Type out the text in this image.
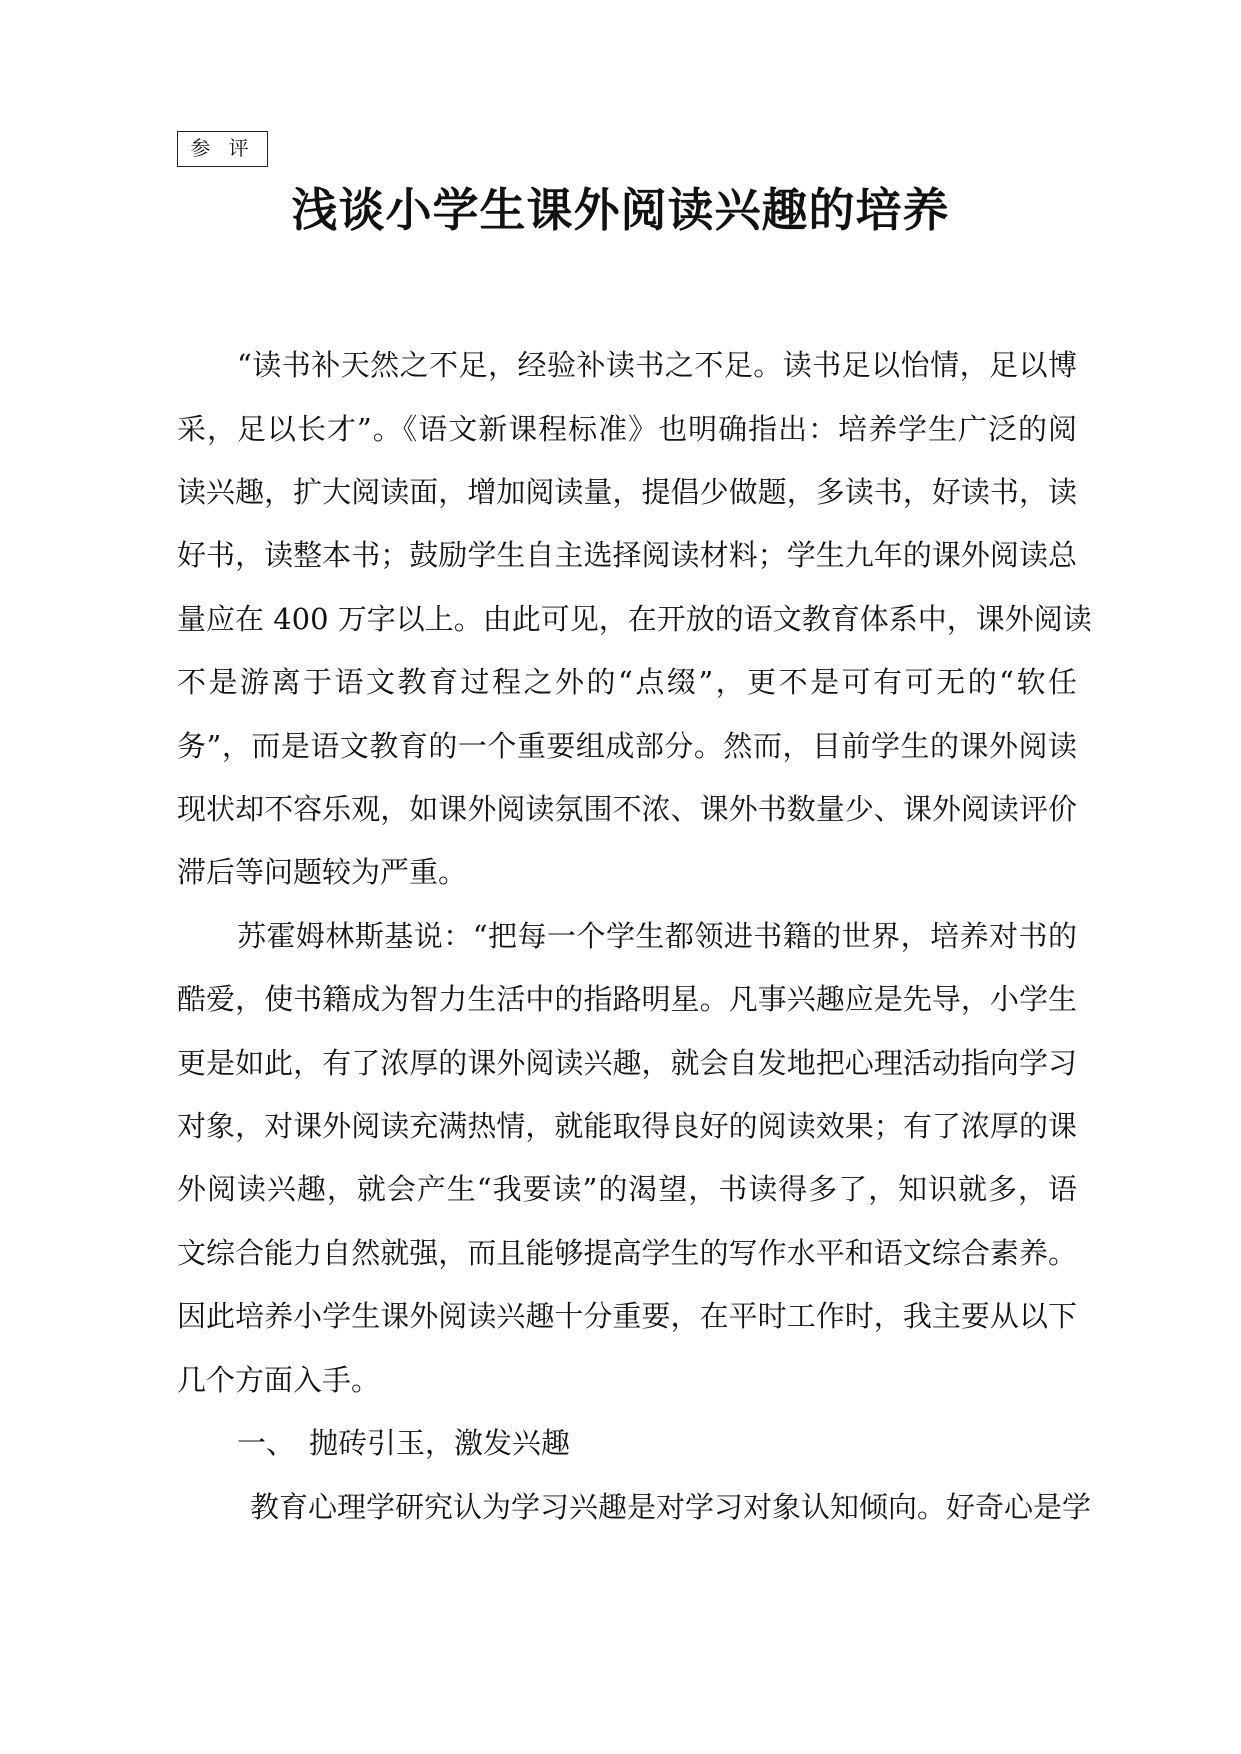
参 评
浅谈小学生课外阅读兴趣的培养
“读书补天然之不足，经验补读书之不足。读书足以怡情，足以博
采，足以长才”。《语文新课程标准》也明确指出：培养学生广泛的阅
读兴趣，扩大阅读面，增加阅读量，提倡少做题，多读书，好读书，读
好书，读整本书；鼓励学生自主选择阅读材料；学生九年的课外阅读总
量应在 400 万字以上。由此可见，在开放的语文教育体系中，课外阅读
不是游离于语文教育过程之外的“点缀”，更不是可有可无的“软任
务”，而是语文教育的一个重要组成部分。然而，目前学生的课外阅读
现状却不容乐观，如课外阅读氛围不浓、课外书数量少、课外阅读评价
滞后等问题较为严重。
苏霍姆林斯基说：“把每一个学生都领进书籍的世界，培养对书的
酷爱，使书籍成为智力生活中的指路明星。凡事兴趣应是先导，小学生
更是如此，有了浓厚的课外阅读兴趣，就会自发地把心理活动指向学习
对象，对课外阅读充满热情，就能取得良好的阅读效果；有了浓厚的课
外阅读兴趣，就会产生“我要读”的渴望，书读得多了，知识就多，语
文综合能力自然就强，而且能够提高学生的写作水平和语文综合素养。
因此培养小学生课外阅读兴趣十分重要，在平时工作时，我主要从以下
几个方面入手。
一、 抛砖引玉，激发兴趣
教育心理学研究认为学习兴趣是对学习对象认知倾向。好奇心是学
